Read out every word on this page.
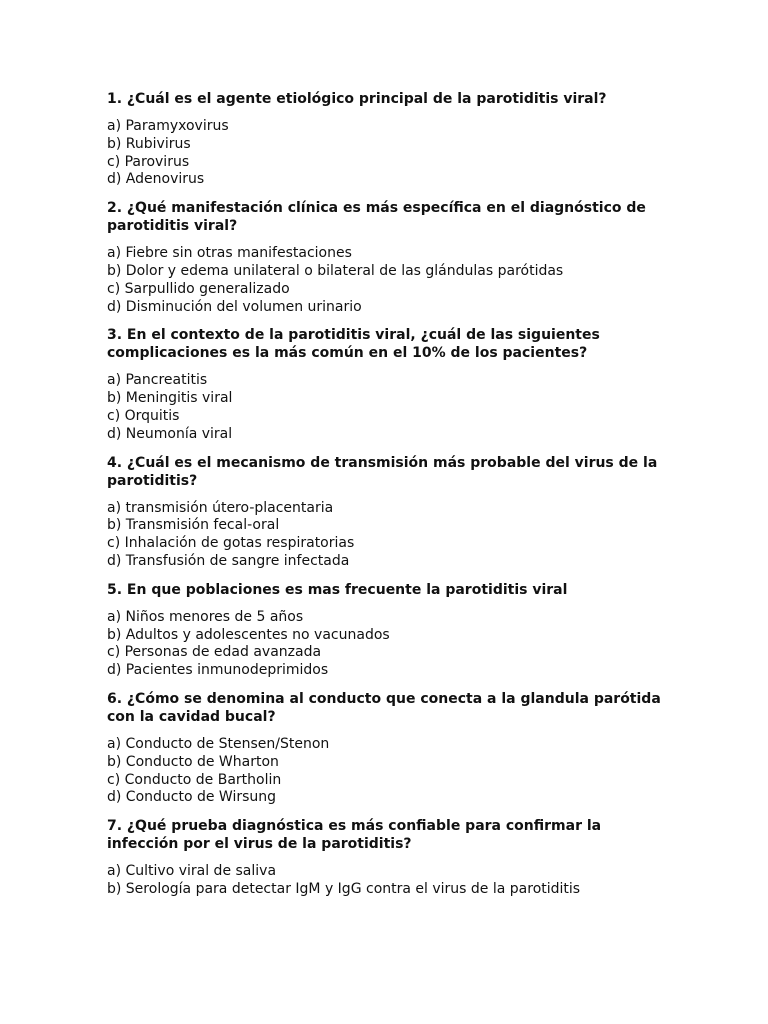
1. ¿Cuál es el agente etiológico principal de la parotiditis viral?

a) Paramyxovirus
b) Rubivirus
c) Parovirus
d) Adenovirus

2. ¿Qué manifestación clínica es más específica en el diagnóstico de parotiditis viral?

a) Fiebre sin otras manifestaciones
b) Dolor y edema unilateral o bilateral de las glándulas parótidas
c) Sarpullido generalizado
d) Disminución del volumen urinario

3. En el contexto de la parotiditis viral, ¿cuál de las siguientes complicaciones es la más común en el 10% de los pacientes?

a) Pancreatitis
b) Meningitis viral
c) Orquitis
d) Neumonía viral

4. ¿Cuál es el mecanismo de transmisión más probable del virus de la parotiditis?

a) transmisión útero-placentaria
b) Transmisión fecal-oral
c) Inhalación de gotas respiratorias
d) Transfusión de sangre infectada

5. En que poblaciones es mas frecuente la parotiditis viral

a) Niños menores de 5 años
b) Adultos y adolescentes no vacunados
c) Personas de edad avanzada
d) Pacientes inmunodeprimidos

6. ¿Cómo se denomina al conducto que conecta a la glandula parótida con la cavidad bucal?

a) Conducto de Stensen/Stenon
b) Conducto de Wharton
c) Conducto de Bartholin
d) Conducto de Wirsung

7. ¿Qué prueba diagnóstica es más confiable para confirmar la infección por el virus de la parotiditis?

a) Cultivo viral de saliva
b) Serología para detectar IgM y IgG contra el virus de la parotiditis
